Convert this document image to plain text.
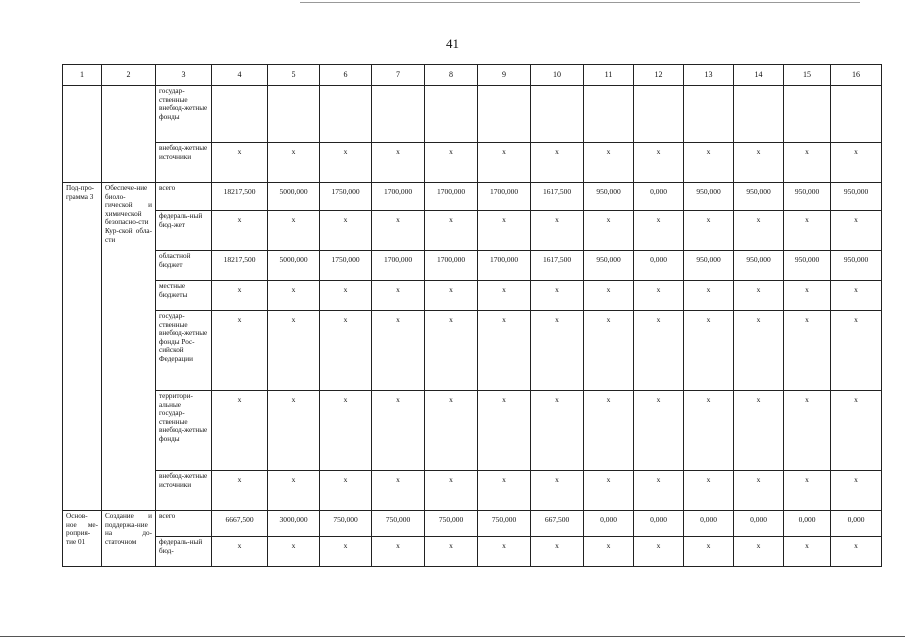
41
1	2	3	4	5	6	7	8	9	10	11	12	13	14	15	16
		государ-ственные внебюд-жетные фонды													
		внебюд-жетные источники	x	x	x	x	x	x	x	x	x	x	x	x	x
Под-про-грамма 3	Обеспече-ние биоло-гической и химической безопасно-сти Кур-ской обла-сти	всего	18217,500	5000,000	1750,000	1700,000	1700,000	1700,000	1617,500	950,000	0,000	950,000	950,000	950,000	950,000
		федераль-ный бюд-жет	x	x	x	x	x	x	x	x	x	x	x	x	x
		областной бюджет	18217,500	5000,000	1750,000	1700,000	1700,000	1700,000	1617,500	950,000	0,000	950,000	950,000	950,000	950,000
		местные бюджеты	x	x	x	x	x	x	x	x	x	x	x	x	x
		государ-ственные внебюд-жетные фонды Рос-сийской Федерации	x	x	x	x	x	x	x	x	x	x	x	x	x
		территори-альные государ-ственные внебюд-жетные фонды	x	x	x	x	x	x	x	x	x	x	x	x	x
		внебюд-жетные источники	x	x	x	x	x	x	x	x	x	x	x	x	x
Основ-ное ме-роприя-тие 01	Создание и поддержа-ние на до-статочном	всего	6667,500	3000,000	750,000	750,000	750,000	750,000	667,500	0,000	0,000	0,000	0,000	0,000	0,000
		федераль-ный бюд-	x	x	x	x	x	x	x	x	x	x	x	x	x
